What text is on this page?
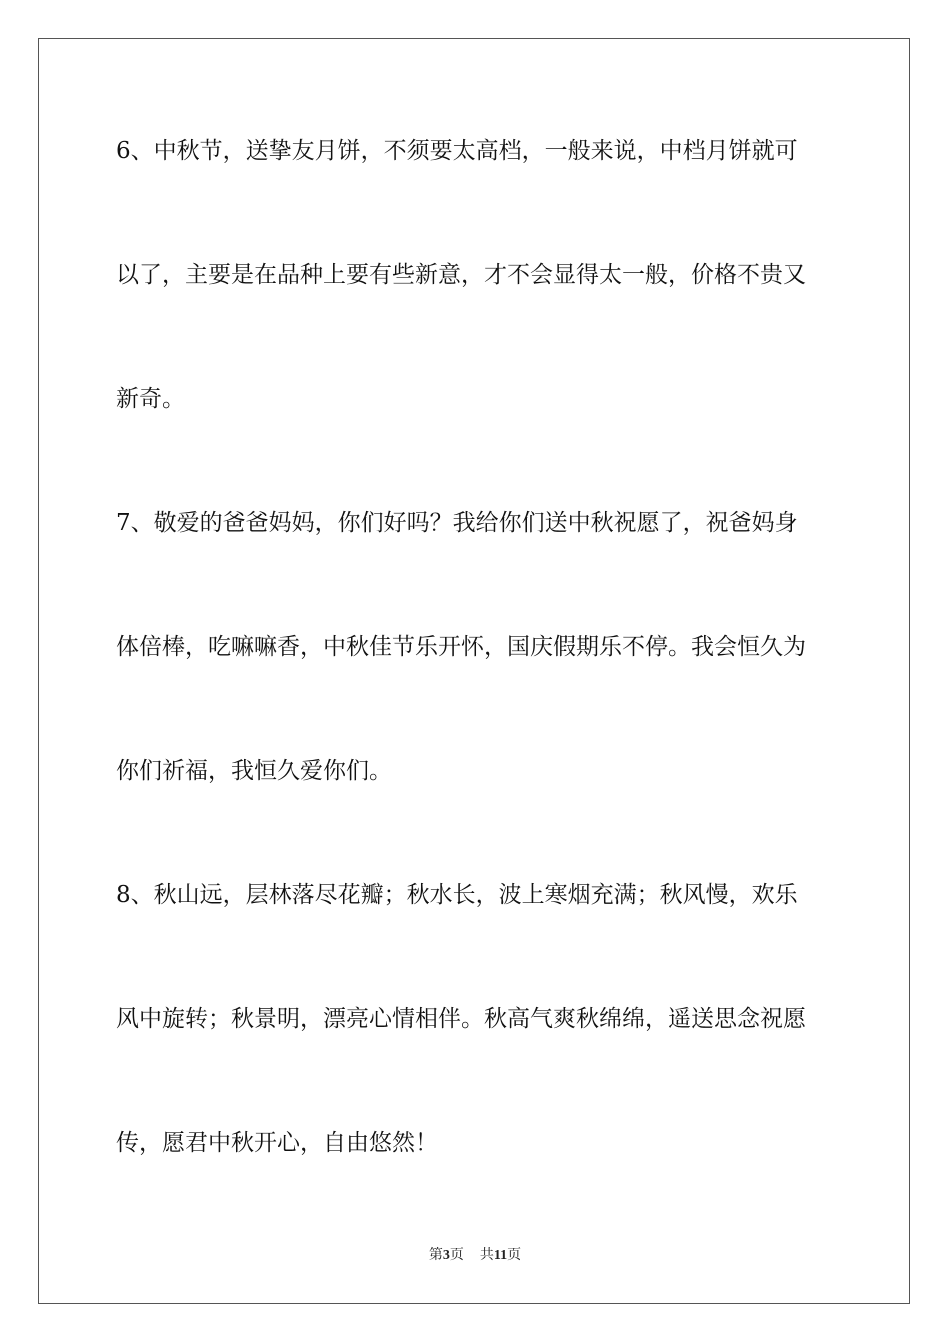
6、中秋节，送挚友月饼，不须要太高档，一般来说，中档月饼就可
以了，主要是在品种上要有些新意，才不会显得太一般，价格不贵又
新奇。
7、敬爱的爸爸妈妈，你们好吗？我给你们送中秋祝愿了，祝爸妈身
体倍棒，吃嘛嘛香，中秋佳节乐开怀，国庆假期乐不停。我会恒久为
你们祈福，我恒久爱你们。
8、秋山远，层林落尽花瓣；秋水长，波上寒烟充满；秋风慢，欢乐
风中旋转；秋景明，漂亮心情相伴。秋高气爽秋绵绵，遥送思念祝愿
传，愿君中秋开心，自由悠然！
第3页 共11页
